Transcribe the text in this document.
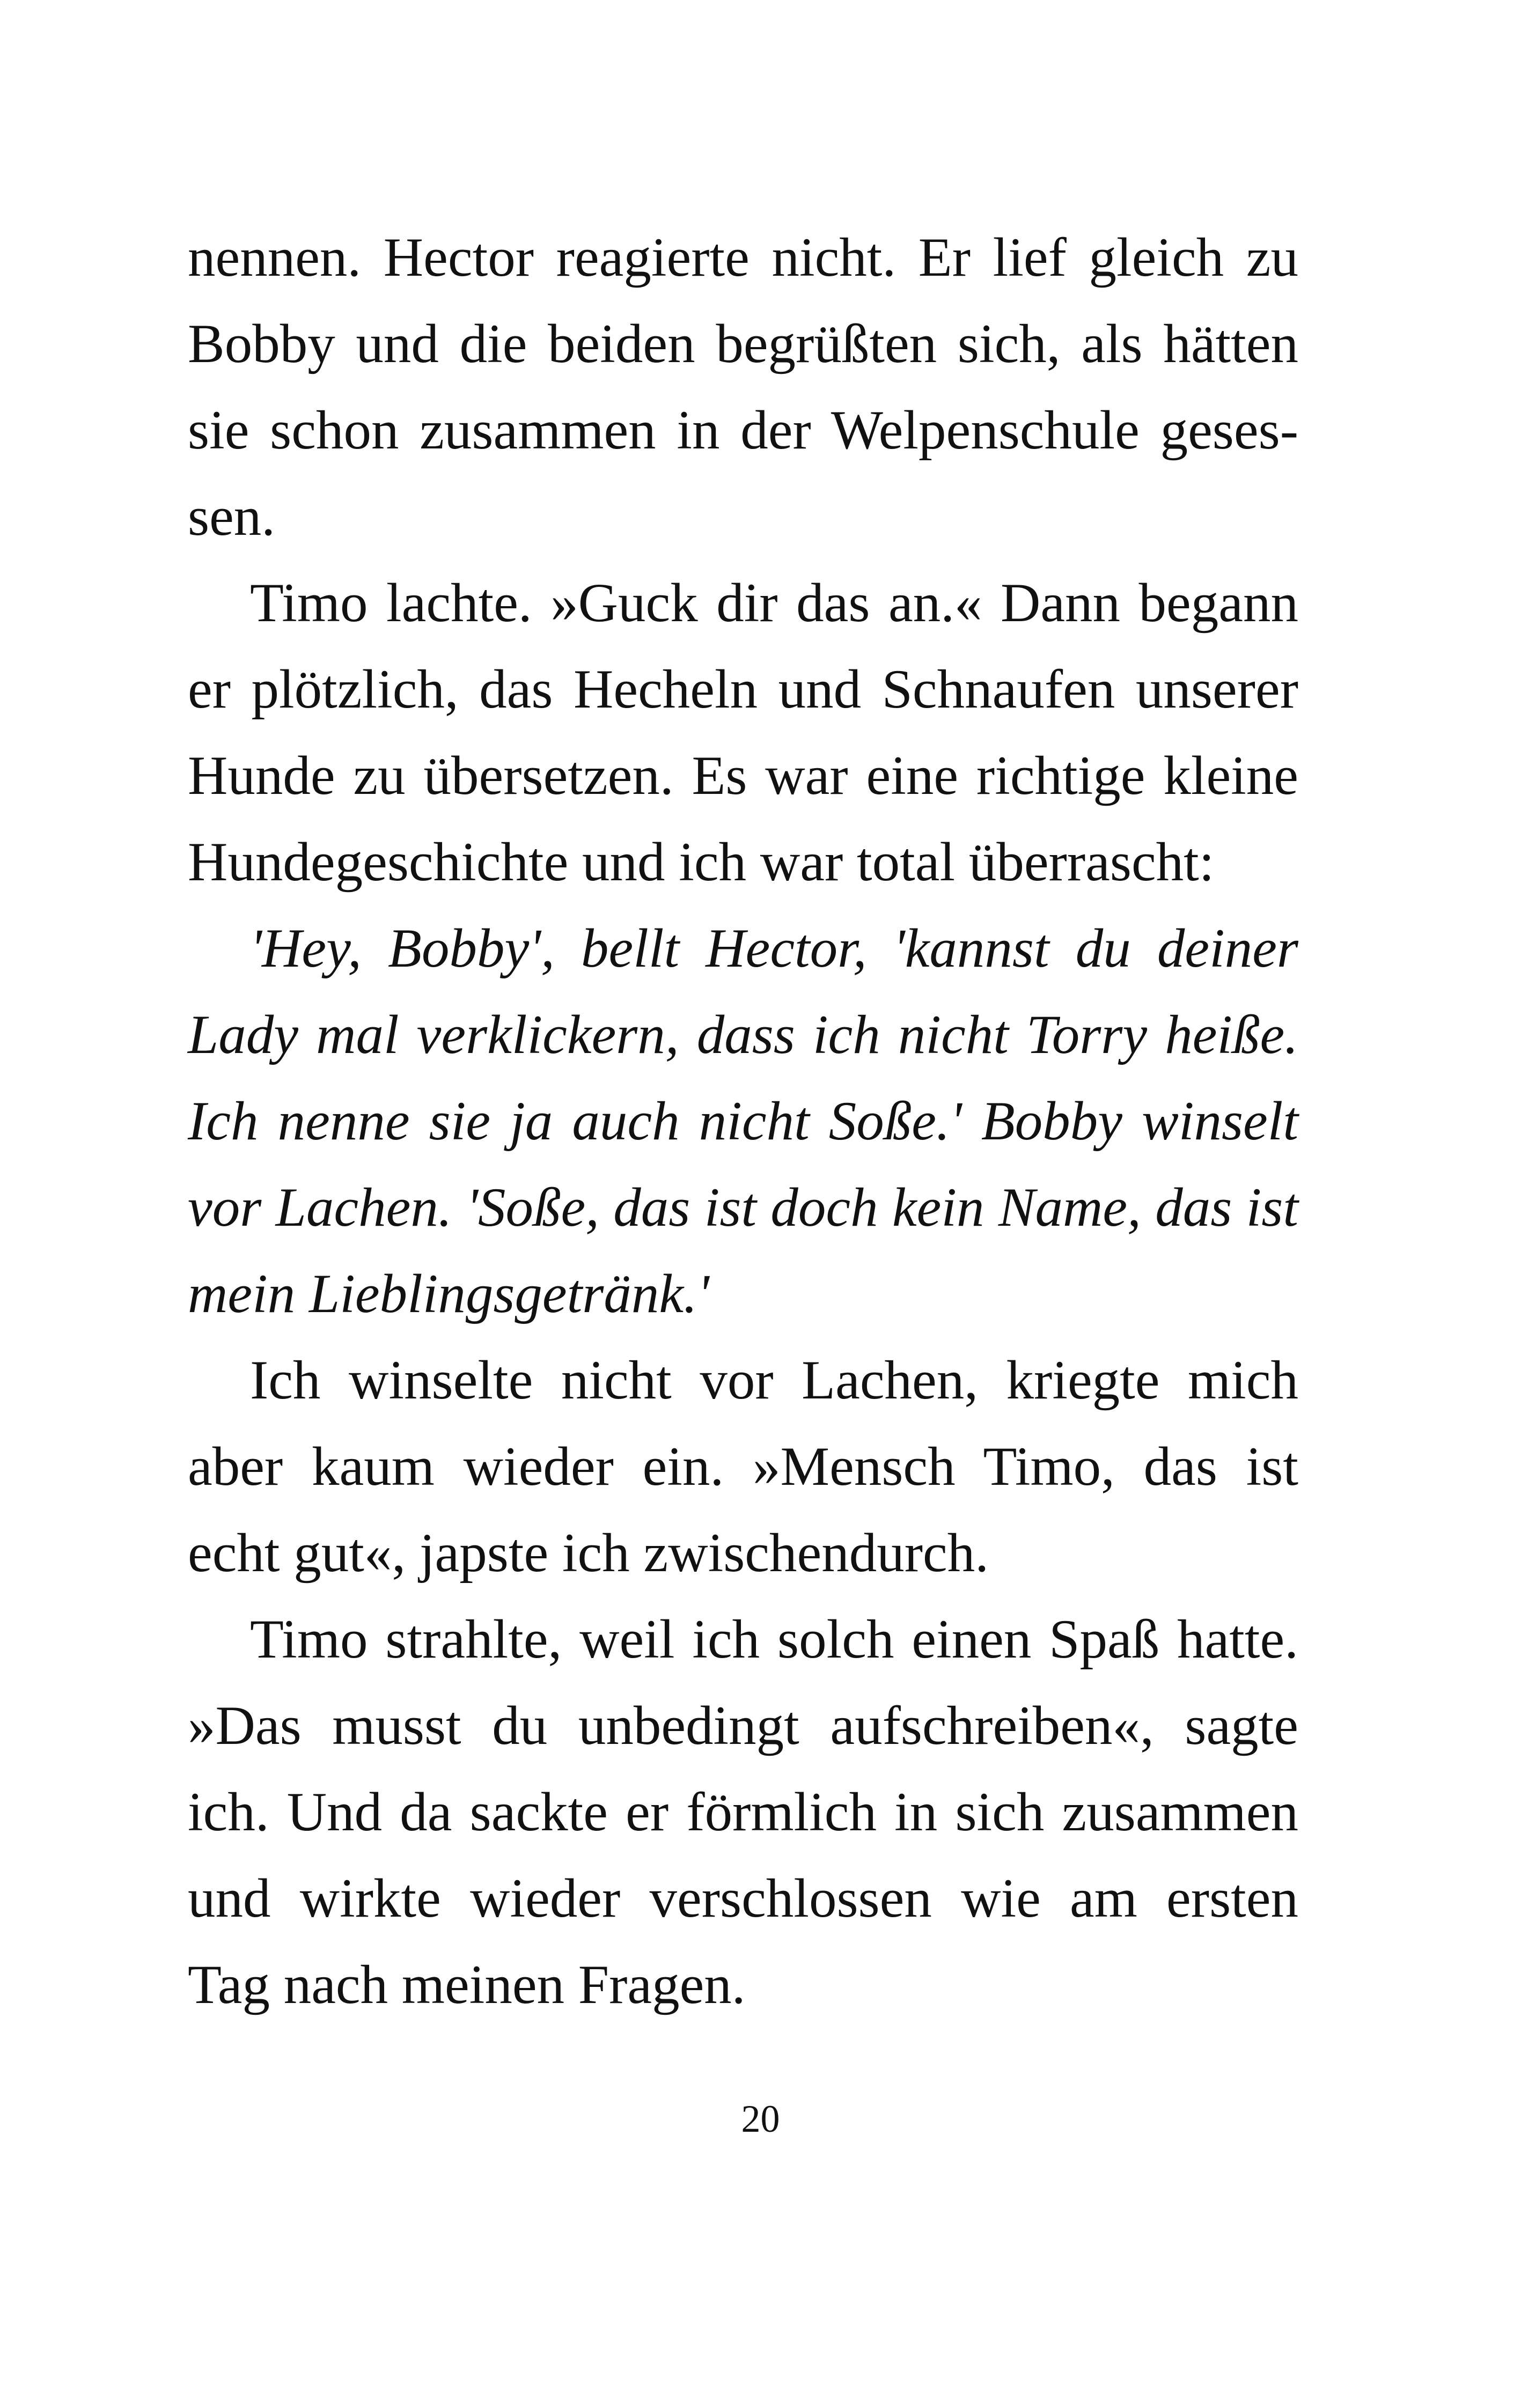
nennen. Hector reagierte nicht. Er lief gleich zu Bobby und die beiden begrüßten sich, als hätten sie schon zusammen in der Welpenschule geses-sen.

Timo lachte. »Guck dir das an.« Dann begann er plötzlich, das Hecheln und Schnaufen unserer Hunde zu übersetzen. Es war eine richtige kleine Hundegeschichte und ich war total überrascht:

'Hey, Bobby', bellt Hector, 'kannst du deiner Lady mal verklickern, dass ich nicht Torry heiße. Ich nenne sie ja auch nicht Soße.' Bobby winselt vor Lachen. 'Soße, das ist doch kein Name, das ist mein Lieblingsgetränk.'

Ich winselte nicht vor Lachen, kriegte mich aber kaum wieder ein. »Mensch Timo, das ist echt gut«, japste ich zwischendurch.

Timo strahlte, weil ich solch einen Spaß hatte. »Das musst du unbedingt aufschreiben«, sagte ich. Und da sackte er förmlich in sich zusammen und wirkte wieder verschlossen wie am ersten Tag nach meinen Fragen.

20
